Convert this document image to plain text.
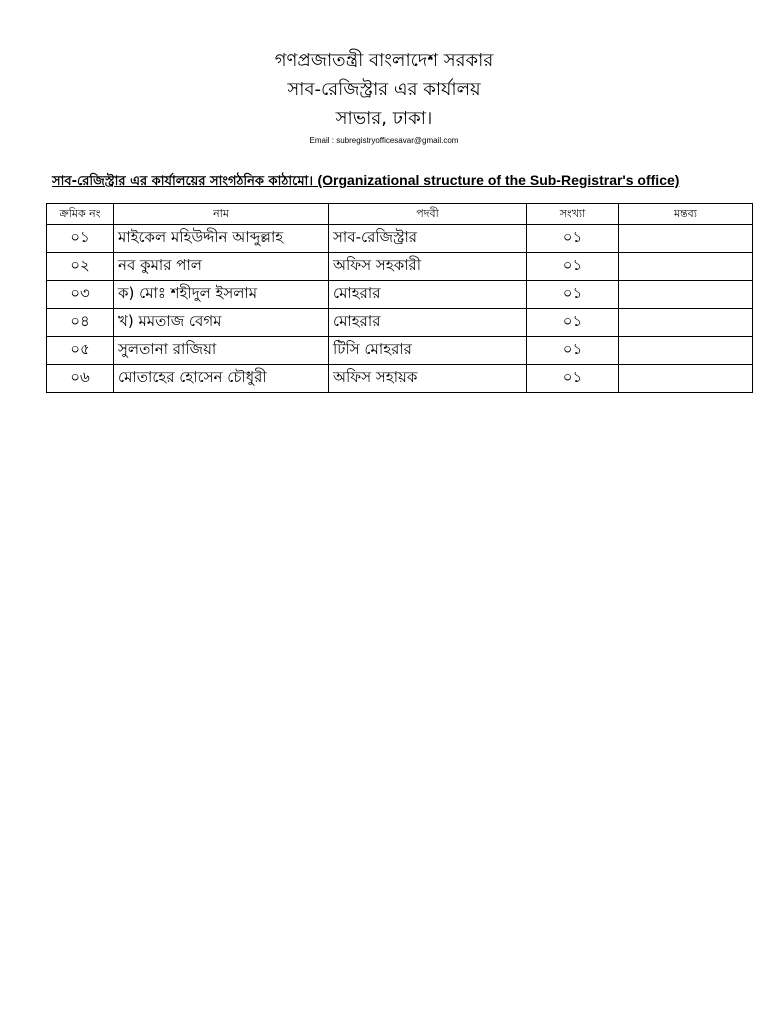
গণপ্রজাতন্ত্রী বাংলাদেশ সরকার
সাব-রেজিস্ট্রার এর কার্যালয়
সাভার, ঢাকা।
Email : subregistryofficesavar@gmail.com
সাব-রেজিস্ট্রার এর কার্যালয়ের সাংগঠনিক কাঠামো। (Organizational structure of the Sub-Registrar's office)
ক্রমিক নং	নাম	পদবী	সংখ্যা	মন্তব্য
০১	মাইকেল মহিউদ্দীন আব্দুল্লাহ	সাব-রেজিস্ট্রার	০১	
০২	নব কুমার পাল	অফিস সহকারী	০১	
০৩	ক) মোঃ শহীদুল ইসলাম	মোহরার	০১	
০৪	খ) মমতাজ বেগম	মোহরার	০১	
০৫	সুলতানা রাজিয়া	টিসি মোহরার	০১	
০৬	মোতাহের হোসেন চৌধুরী	অফিস সহায়ক	০১	
